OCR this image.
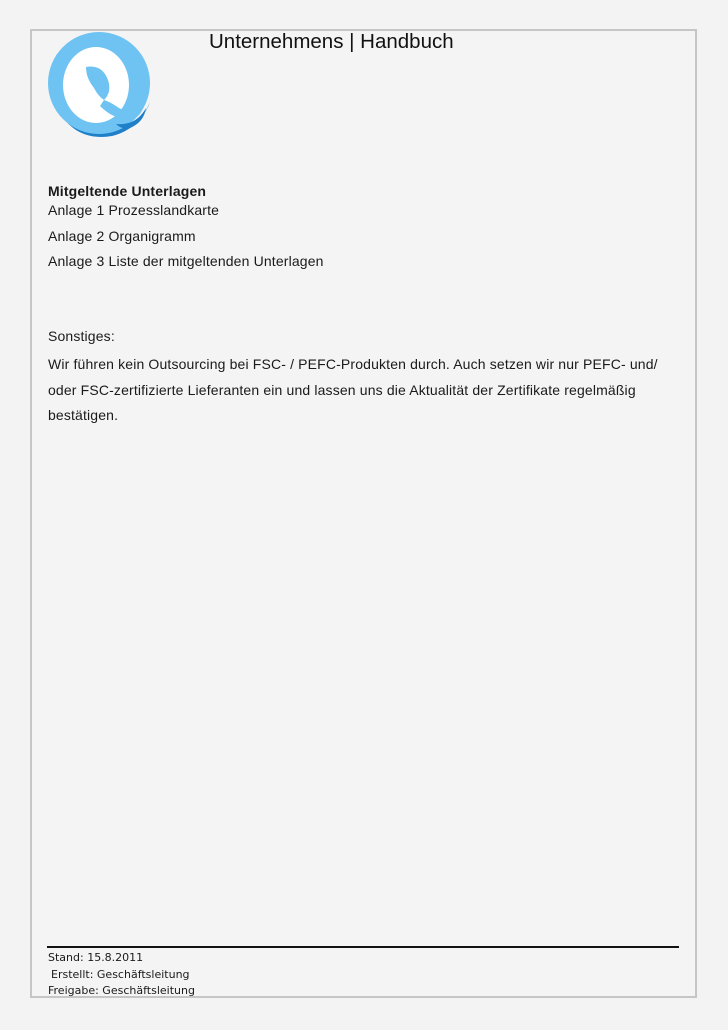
Unternehmens | Handbuch
Mitgeltende Unterlagen
Anlage 1 Prozesslandkarte
Anlage 2 Organigramm
Anlage 3 Liste der mitgeltenden Unterlagen
Sonstiges:
Wir führen kein Outsourcing bei FSC- / PEFC-Produkten durch. Auch setzen wir nur PEFC- und/
oder FSC-zertifizierte Lieferanten ein und lassen uns die Aktualität der Zertifikate regelmäßig
bestätigen.
Stand: 15.8.2011
Erstellt: Geschäftsleitung
Freigabe: Geschäftsleitung
